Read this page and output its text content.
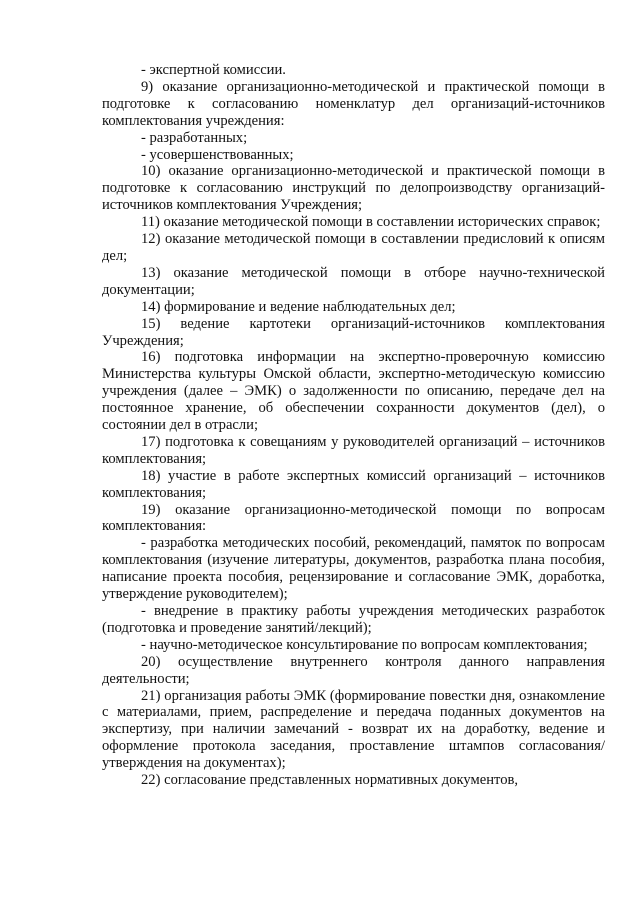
- экспертной комиссии.

9) оказание организационно-методической и практической помощи в подготовке к согласованию номенклатур дел организаций-источников комплектования учреждения:

- разработанных;

- усовершенствованных;

10) оказание организационно-методической и практической помощи в подготовке к согласованию инструкций по делопроизводству организаций-источников комплектования Учреждения;

11) оказание методической помощи в составлении исторических справок;

12) оказание методической помощи в составлении предисловий к описям дел;

13) оказание методической помощи в отборе научно-технической документации;

14) формирование и ведение наблюдательных дел;

15) ведение картотеки организаций-источников комплектования Учреждения;

16) подготовка информации на экспертно-проверочную комиссию Министерства культуры Омской области, экспертно-методическую комиссию учреждения (далее – ЭМК) о задолженности по описанию, передаче дел на постоянное хранение, об обеспечении сохранности документов (дел), о состоянии дел в отрасли;

17) подготовка к совещаниям у руководителей организаций – источников комплектования;

18) участие в работе экспертных комиссий организаций – источников комплектования;

19) оказание организационно-методической помощи по вопросам комплектования:

- разработка методических пособий, рекомендаций, памяток по вопросам комплектования (изучение литературы, документов, разработка плана пособия, написание проекта пособия, рецензирование и согласование ЭМК, доработка, утверждение руководителем);

- внедрение в практику работы учреждения методических разработок (подготовка и проведение занятий/лекций);

- научно-методическое консультирование по вопросам комплектования;

20) осуществление внутреннего контроля данного направления деятельности;

21) организация работы ЭМК (формирование повестки дня, ознакомление с материалами, прием, распределение и передача поданных документов на экспертизу, при наличии замечаний - возврат их на доработку, ведение и оформление протокола заседания, проставление штампов согласования/утверждения на документах);

22) согласование представленных нормативных документов,
